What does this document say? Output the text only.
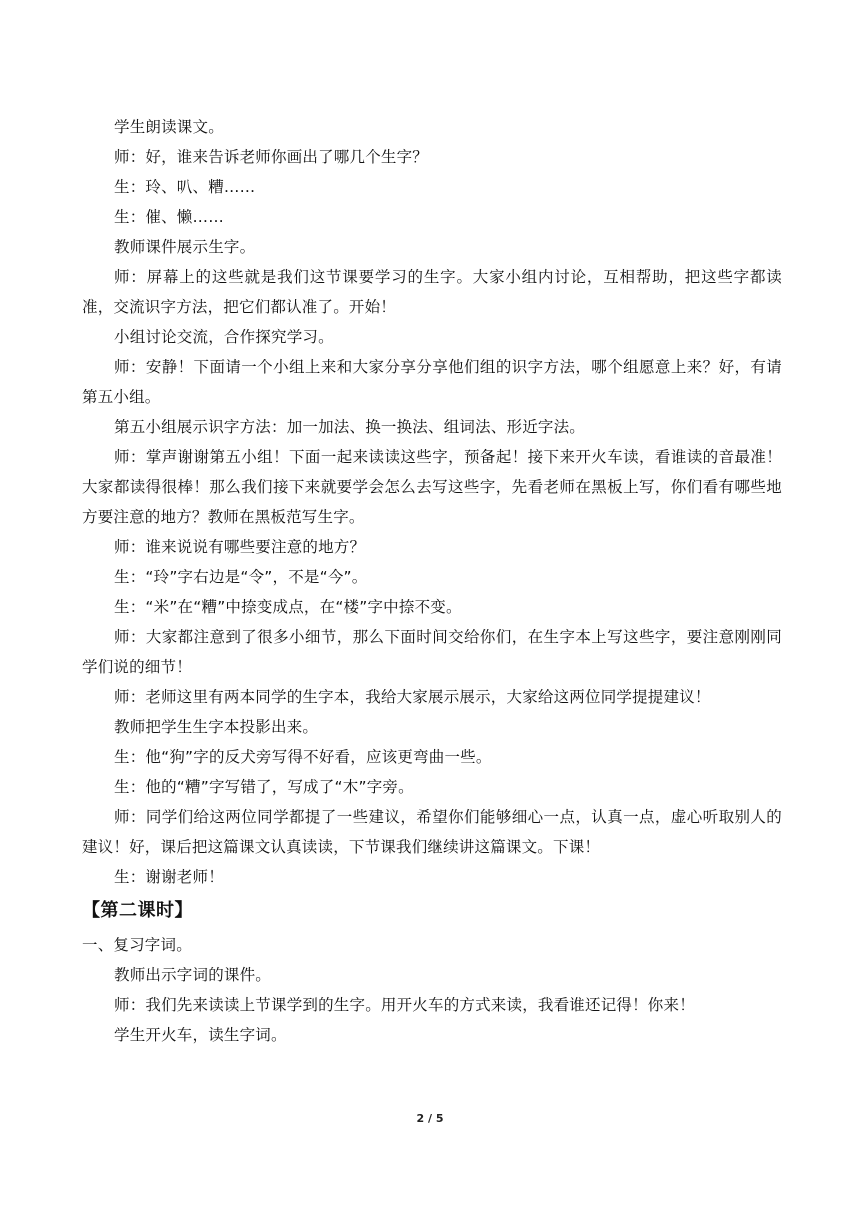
学生朗读课文。

师：好，谁来告诉老师你画出了哪几个生字？

生：玲、叭、糟……

生：催、懒……

教师课件展示生字。

师：屏幕上的这些就是我们这节课要学习的生字。大家小组内讨论，互相帮助，把这些字都读准，交流识字方法，把它们都认准了。开始！

小组讨论交流，合作探究学习。

师：安静！下面请一个小组上来和大家分享分享他们组的识字方法，哪个组愿意上来？好，有请第五小组。

第五小组展示识字方法：加一加法、换一换法、组词法、形近字法。

师：掌声谢谢第五小组！下面一起来读读这些字，预备起！接下来开火车读，看谁读的音最准！大家都读得很棒！那么我们接下来就要学会怎么去写这些字，先看老师在黑板上写，你们看有哪些地方要注意的地方？教师在黑板范写生字。

师：谁来说说有哪些要注意的地方？

生：“玲”字右边是“令”，不是“今”。

生：“米”在“糟”中捺变成点，在“楼”字中捺不变。

师：大家都注意到了很多小细节，那么下面时间交给你们，在生字本上写这些字，要注意刚刚同学们说的细节！

师：老师这里有两本同学的生字本，我给大家展示展示，大家给这两位同学提提建议！

教师把学生生字本投影出来。

生：他“狗”字的反犬旁写得不好看，应该更弯曲一些。

生：他的“糟”字写错了，写成了“木”字旁。

师：同学们给这两位同学都提了一些建议，希望你们能够细心一点，认真一点，虚心听取别人的建议！好，课后把这篇课文认真读读，下节课我们继续讲这篇课文。下课！

生：谢谢老师！

【第二课时】

一、复习字词。

教师出示字词的课件。

师：我们先来读读上节课学到的生字。用开火车的方式来读，我看谁还记得！你来！

学生开火车，读生字词。

2 / 5
